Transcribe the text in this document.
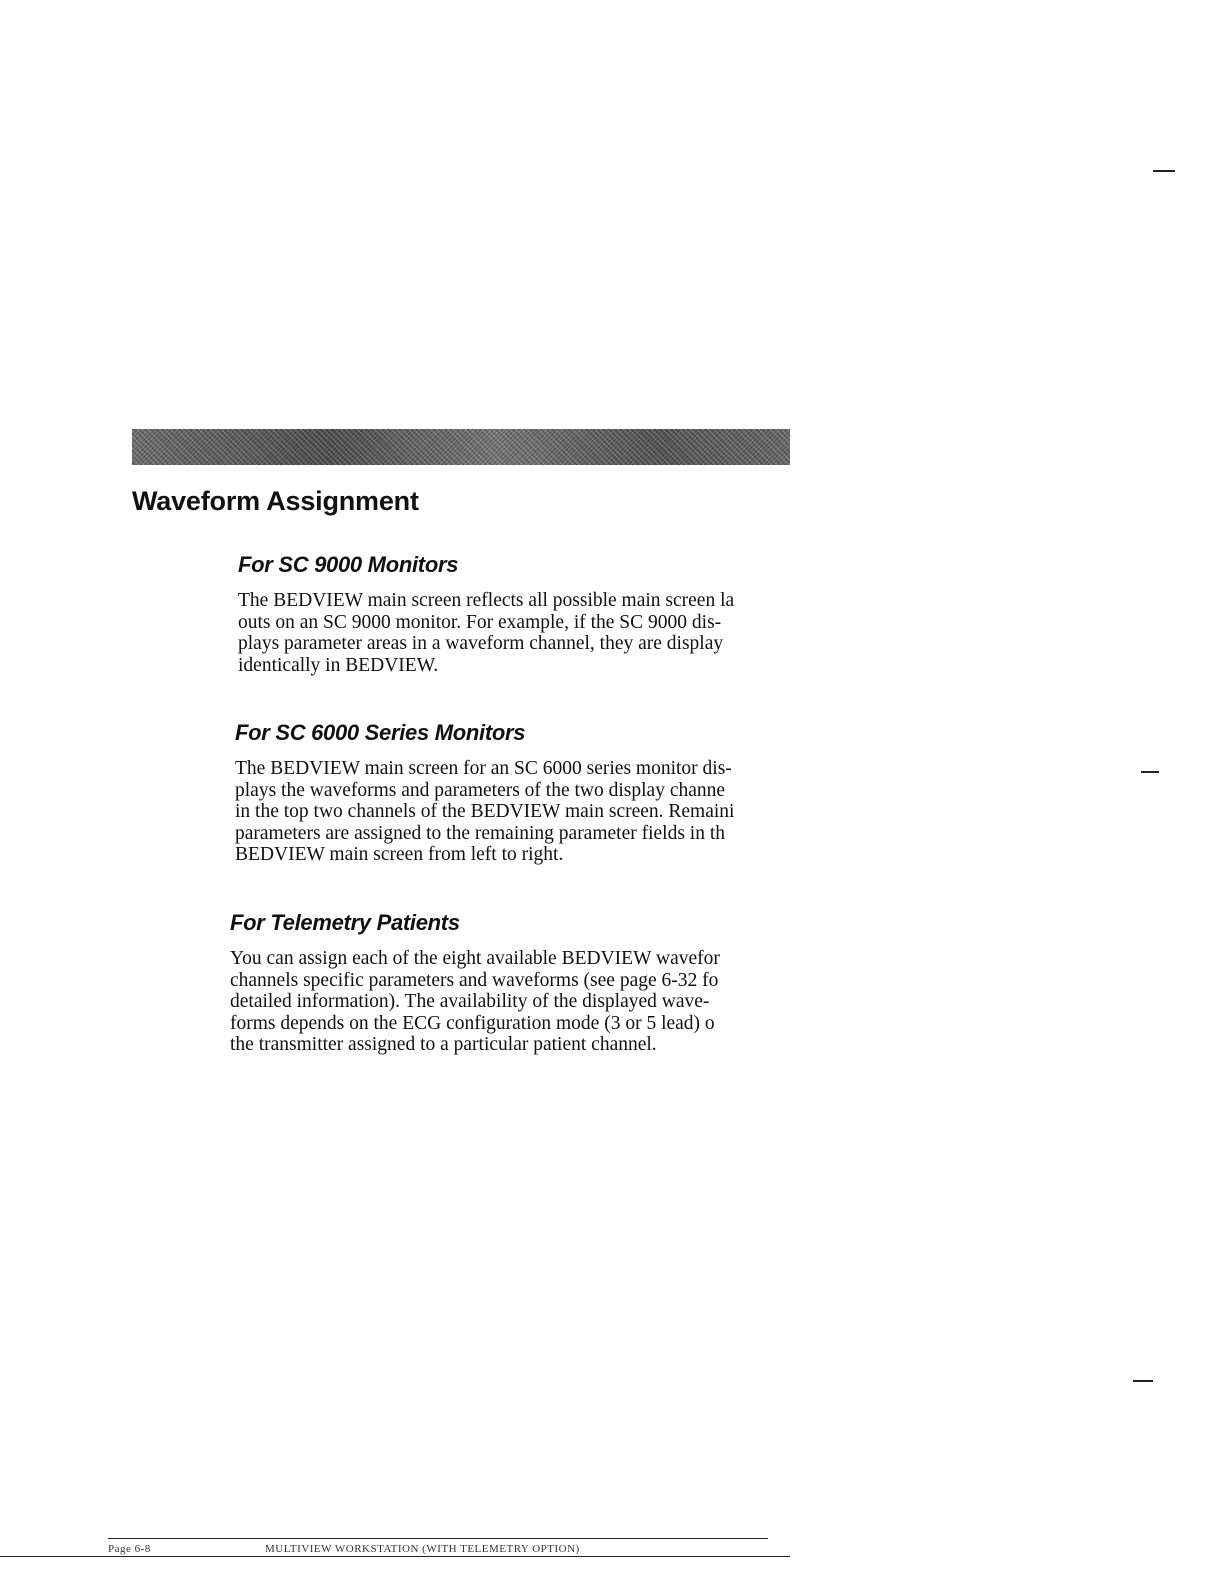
Waveform Assignment
For SC 9000 Monitors

The BEDVIEW main screen reflects all possible main screen la
outs on an SC 9000 monitor. For example, if the SC 9000 dis-
plays parameter areas in a waveform channel, they are display
identically in BEDVIEW.

For SC 6000 Series Monitors

The BEDVIEW main screen for an SC 6000 series monitor dis-
plays the waveforms and parameters of the two display channe
in the top two channels of the BEDVIEW main screen. Remaini
parameters are assigned to the remaining parameter fields in th
BEDVIEW main screen from left to right.

For Telemetry Patients

You can assign each of the eight available BEDVIEW wavefor
channels specific parameters and waveforms (see page 6-32 fo
detailed information). The availability of the displayed wave-
forms depends on the ECG configuration mode (3 or 5 lead) o
the transmitter assigned to a particular patient channel.

Page 6-8	MULTIVIEW WORKSTATION (WITH TELEMETRY OPTION)
